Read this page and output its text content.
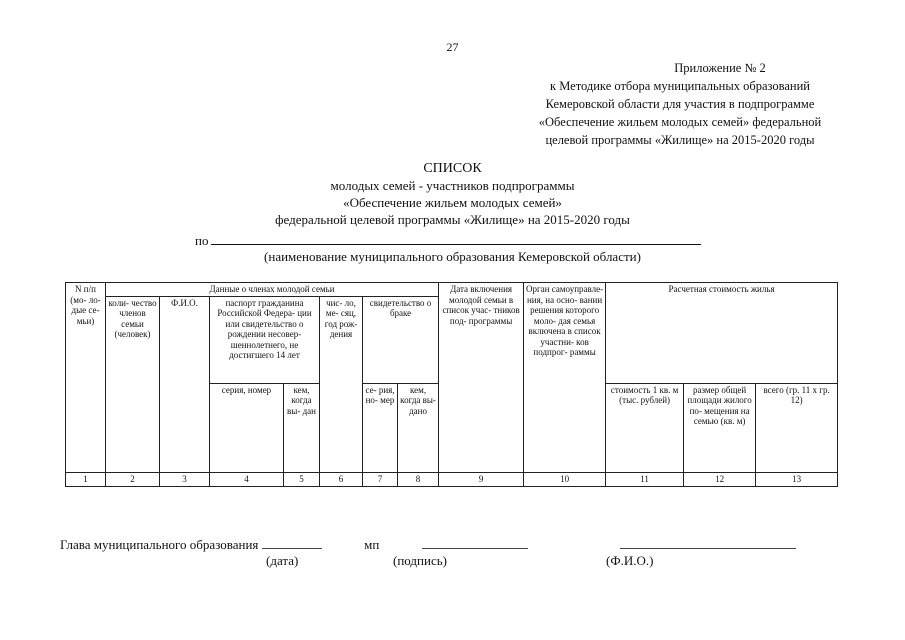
27
Приложение № 2
к Методике отбора муниципальных образований
Кемеровской области для участия в подпрограмме
«Обеспечение жильем молодых семей» федеральной
целевой программы «Жилище» на 2015-2020 годы
СПИСОК
молодых семей - участников подпрограммы
«Обеспечение жильем молодых семей»
федеральной целевой программы «Жилище» на 2015-2020 годы
по
(наименование муниципального образования Кемеровской области)
N п/п (мо- ло- дые се- мьи)	Данные о членах молодой семьи							Дата включения молодой семьи в список учас- тников под- программы	Орган самоуправле- ния, на осно- вании решения которого моло- дая семья включена в список участни- ков подпрог- раммы	Расчетная стоимость жилья		
	коли- чество членов семьи (человек)	Ф.И.О.	паспорт гражданина Российской Федера- ции или свидетельство о рождении несовер- шеннолетнего, не достигшего 14 лет		чис- ло, ме- сяц, год рож- дения	свидетельство о браке						
			серия, номер	кем, когда вы- дан		се- рия, но- мер	кем, когда вы- дано			стоимость 1 кв. м (тыс. рублей)	размер общей площади жилого по- мещения на семью (кв. м)	всего (гр. 11 x гр. 12)
1	2	3	4	5	6	7	8	9	10	11	12	13
Глава муниципального образования	мп
(дата)	(подпись)	(Ф.И.О.)
